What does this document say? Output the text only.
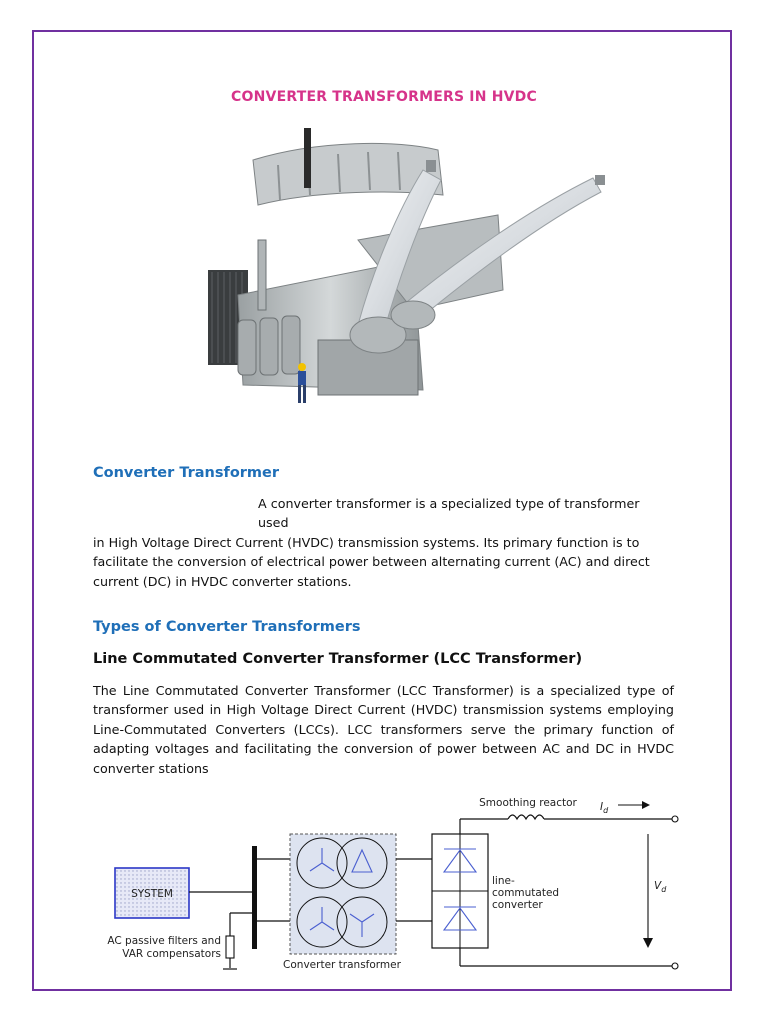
CONVERTER TRANSFORMERS IN HVDC
Converter Transformer
A converter transformer is a specialized type of transformer used
in High Voltage Direct Current (HVDC) transmission systems. Its primary function is to facilitate the conversion of electrical power between alternating current (AC) and direct current (DC) in HVDC converter stations.
Types of Converter Transformers
Line Commutated Converter Transformer (LCC Transformer)
The Line Commutated Converter Transformer (LCC Transformer) is a specialized type of transformer used in High Voltage Direct Current (HVDC) transmission systems employing Line-Commutated Converters (LCCs). LCC transformers serve the primary function of adapting voltages and facilitating the conversion of power between AC and DC in HVDC converter stations
SYSTEM
AC passive filters and
VAR compensators
Converter transformer
line-
commutated
converter
Smoothing reactor $I_d$
$V_d$
